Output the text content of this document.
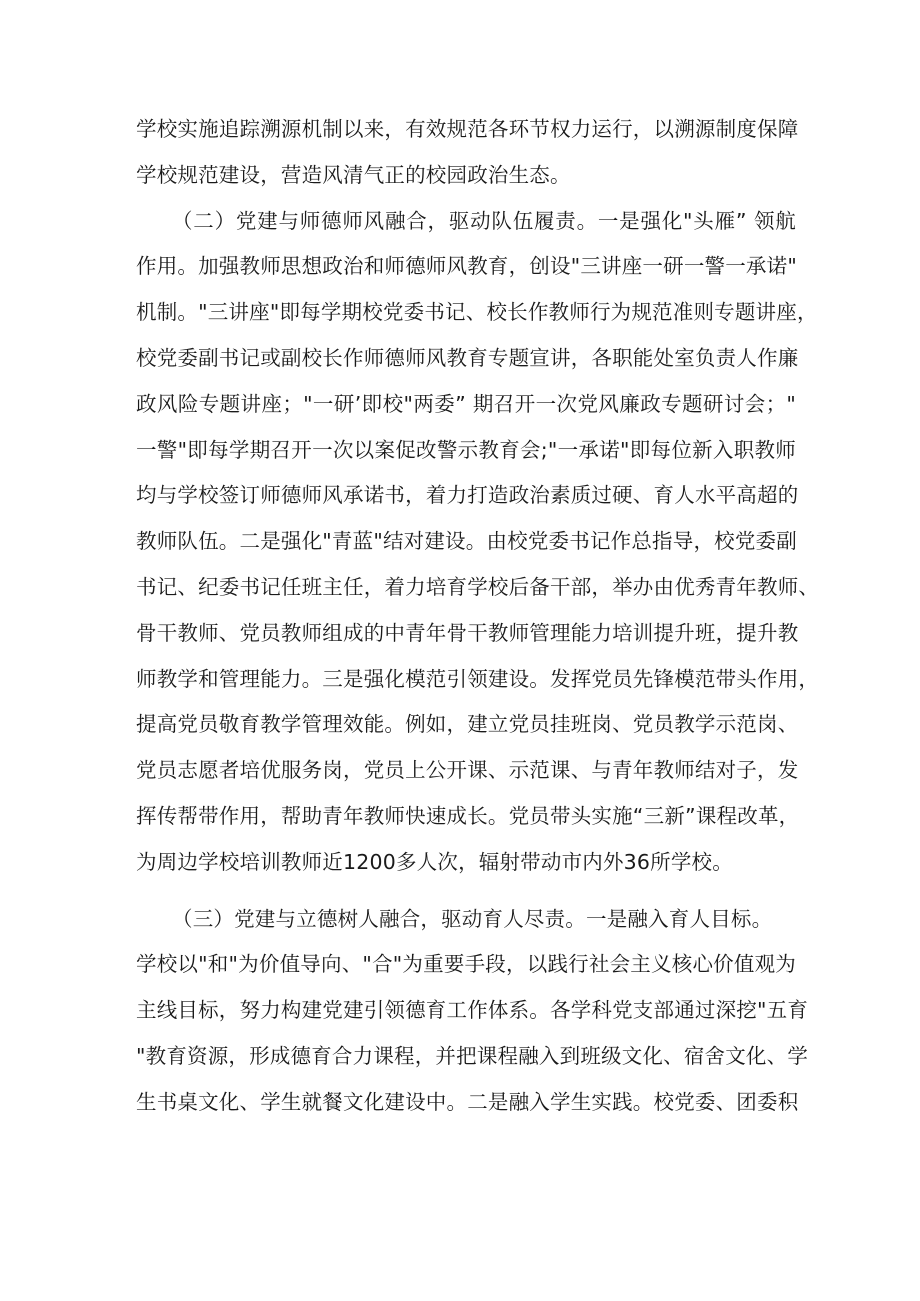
学校实施追踪溯源机制以来，有效规范各环节权力运行，以溯源制度保障
学校规范建设，营造风清气正的校园政治生态。
（二）党建与师德师风融合，驱动队伍履责。一是强化"头雁” 领航
作用。加强教师思想政治和师德师风教育，创设"三讲座一研一警一承诺"
机制。"三讲座"即每学期校党委书记、校长作教师行为规范准则专题讲座，
校党委副书记或副校长作师德师风教育专题宣讲，各职能处室负责人作廉
政风险专题讲座；"一研’即校"两委” 期召开一次党风廉政专题研讨会；"
一警"即每学期召开一次以案促改警示教育会;"一承诺"即每位新入职教师
均与学校签订师德师风承诺书，着力打造政治素质过硬、育人水平高超的
教师队伍。二是强化"青蓝"结对建设。由校党委书记作总指导，校党委副
书记、纪委书记任班主任，着力培育学校后备干部，举办由优秀青年教师、
骨干教师、党员教师组成的中青年骨干教师管理能力培训提升班，提升教
师教学和管理能力。三是强化模范引领建设。发挥党员先锋模范带头作用，
提高党员敬育教学管理效能。例如，建立党员挂班岗、党员教学示范岗、
党员志愿者培优服务岗，党员上公开课、示范课、与青年教师结对子，发
挥传帮带作用，帮助青年教师快速成长。党员带头实施“三新”课程改革，
为周边学校培训教师近1200多人次，辐射带动市内外36所学校。
（三）党建与立德树人融合，驱动育人尽责。一是融入育人目标。
学校以"和"为价值导向、"合"为重要手段，以践行社会主义核心价值观为
主线目标，努力构建党建引领德育工作体系。各学科党支部通过深挖"五育
"教育资源，形成德育合力课程，并把课程融入到班级文化、宿舍文化、学
生书桌文化、学生就餐文化建设中。二是融入学生实践。校党委、团委积
